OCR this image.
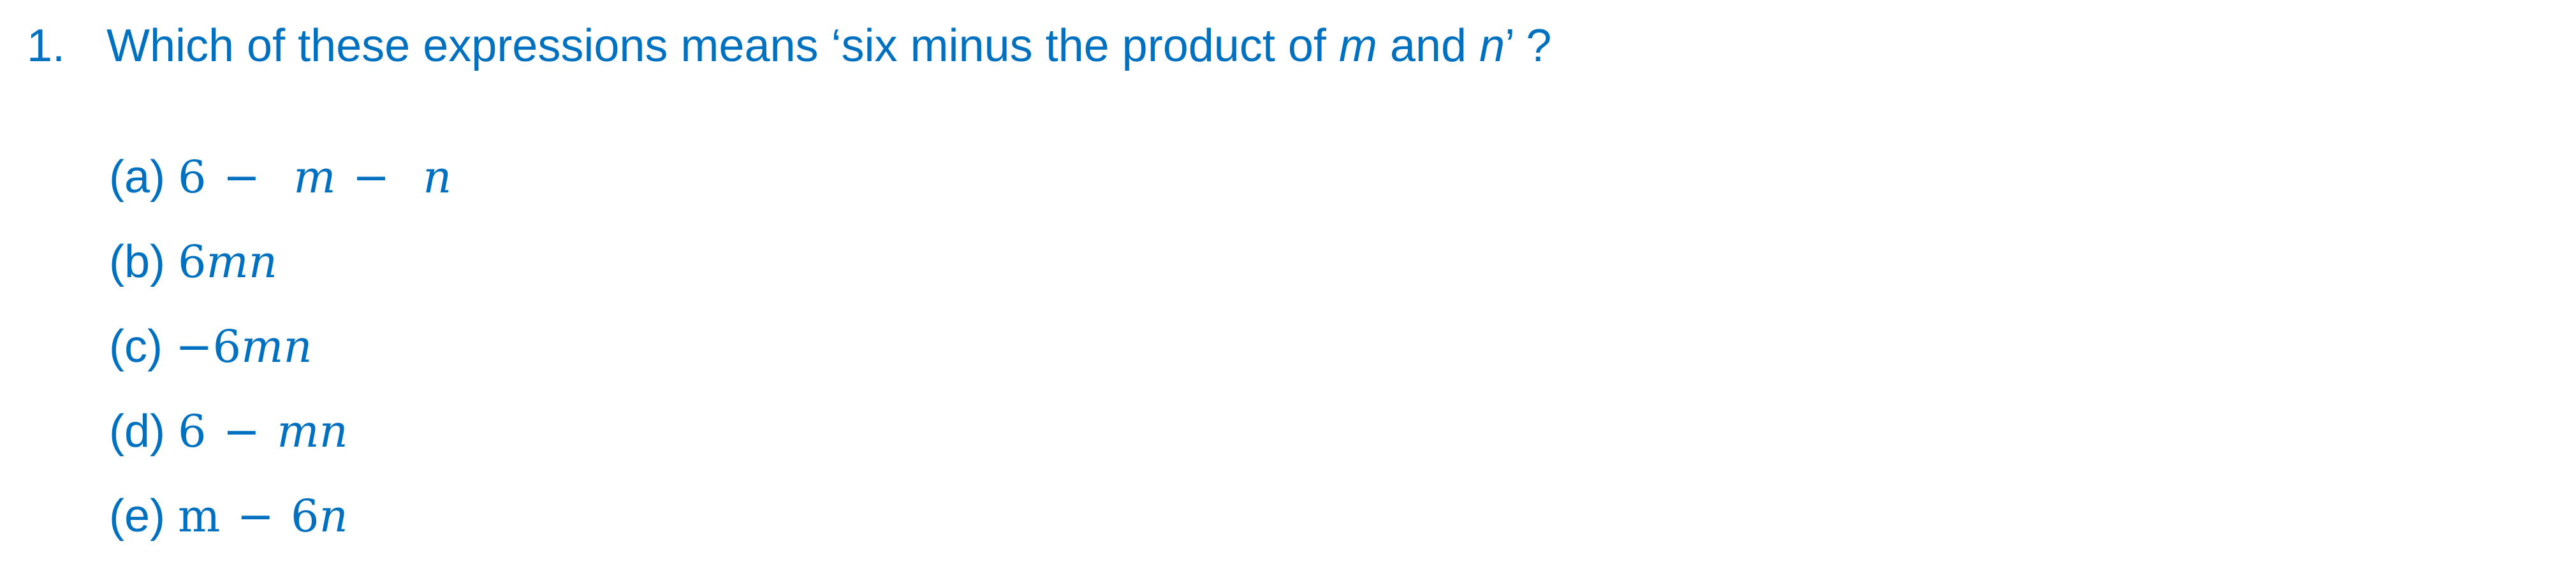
1. Which of these expressions means ‘six minus the product of m and n’ ?
(a) 6 − m − n
(b) 6mn
(c) −6mn
(d) 6 − mn
(e) m − 6n
